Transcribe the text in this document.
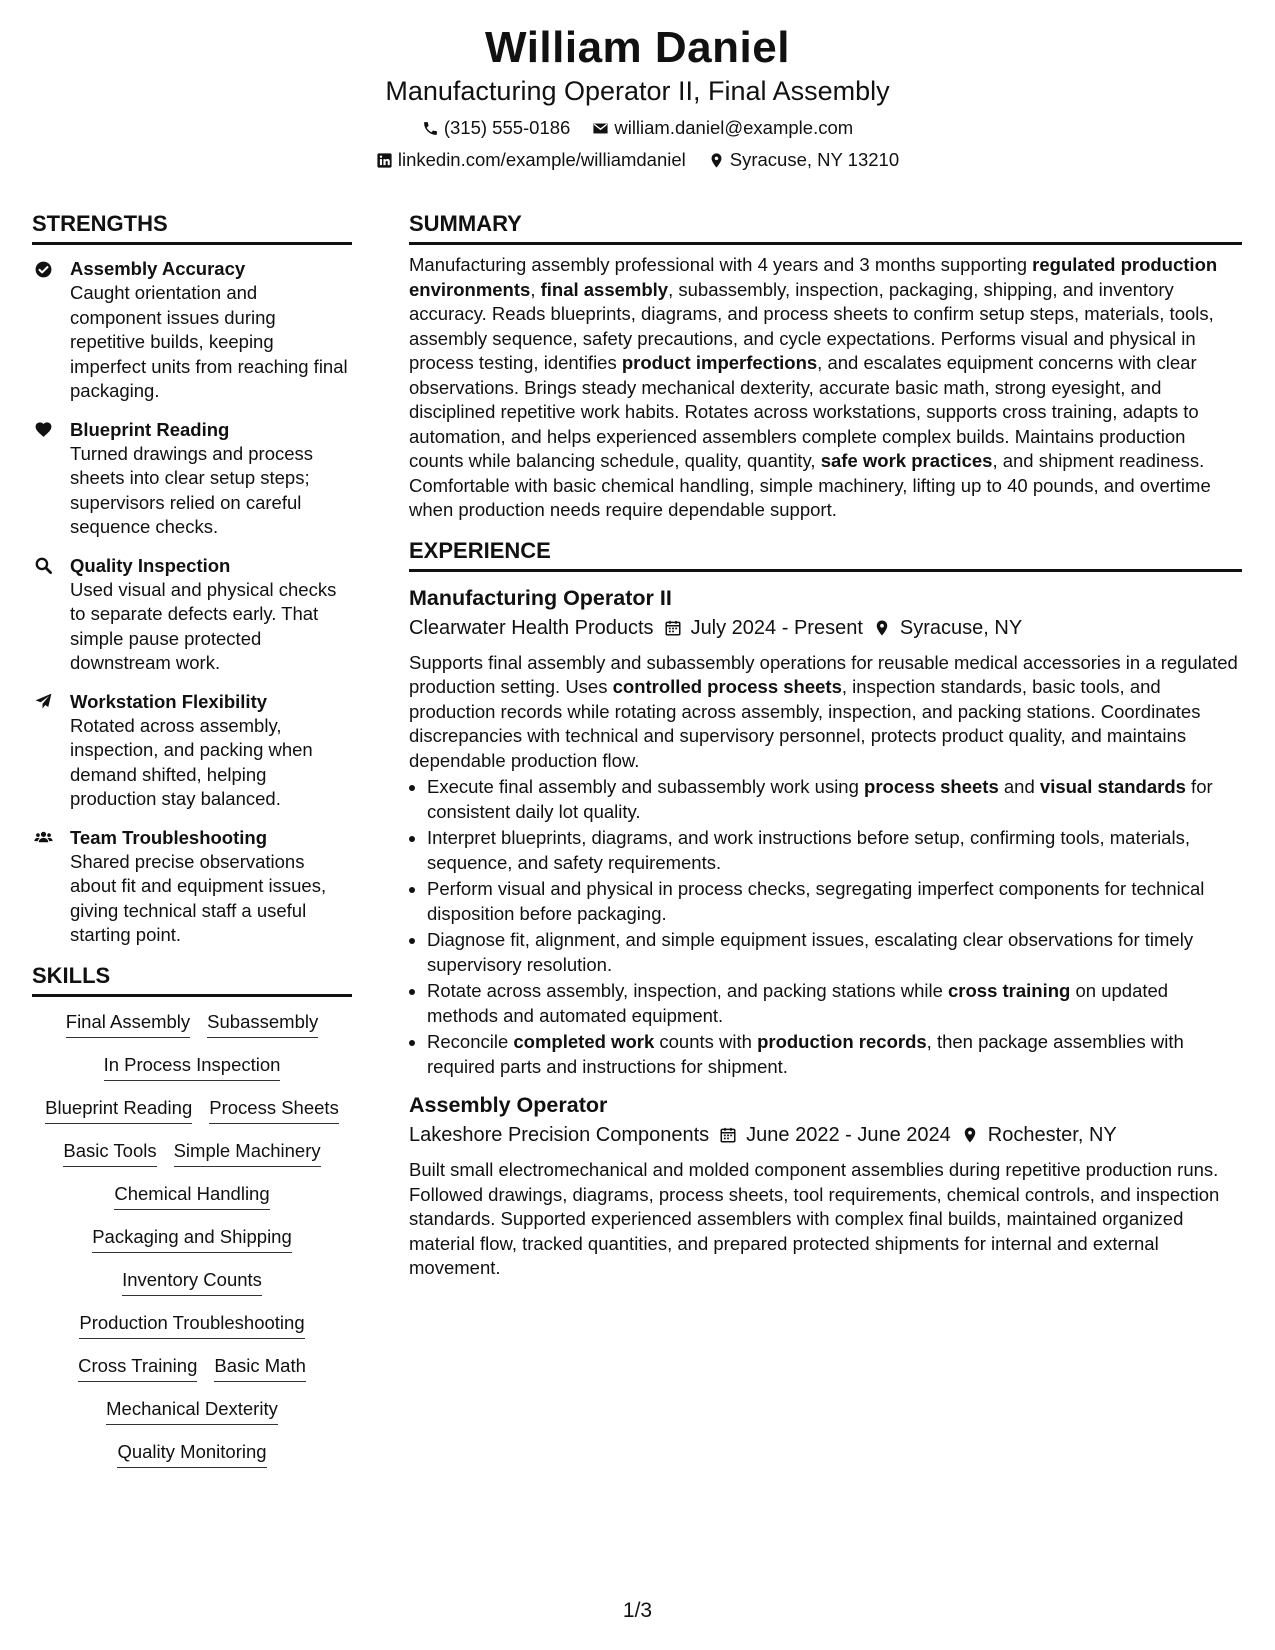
William Daniel
Manufacturing Operator II, Final Assembly
(315) 555-0186 william.daniel@example.com
linkedin.com/example/williamdaniel Syracuse, NY 13210
STRENGTHS
Assembly Accuracy
Caught orientation and component issues during repetitive builds, keeping imperfect units from reaching final packaging.
Blueprint Reading
Turned drawings and process sheets into clear setup steps; supervisors relied on careful sequence checks.
Quality Inspection
Used visual and physical checks to separate defects early. That simple pause protected downstream work.
Workstation Flexibility
Rotated across assembly, inspection, and packing when demand shifted, helping production stay balanced.
Team Troubleshooting
Shared precise observations about fit and equipment issues, giving technical staff a useful starting point.
SKILLS
Final Assembly Subassembly
In Process Inspection
Blueprint Reading Process Sheets
Basic Tools Simple Machinery
Chemical Handling
Packaging and Shipping
Inventory Counts
Production Troubleshooting
Cross Training Basic Math
Mechanical Dexterity
Quality Monitoring
SUMMARY
Manufacturing assembly professional with 4 years and 3 months supporting regulated production environments, final assembly, subassembly, inspection, packaging, shipping, and inventory accuracy. Reads blueprints, diagrams, and process sheets to confirm setup steps, materials, tools, assembly sequence, safety precautions, and cycle expectations. Performs visual and physical in process testing, identifies product imperfections, and escalates equipment concerns with clear observations. Brings steady mechanical dexterity, accurate basic math, strong eyesight, and disciplined repetitive work habits. Rotates across workstations, supports cross training, adapts to automation, and helps experienced assemblers complete complex builds. Maintains production counts while balancing schedule, quality, quantity, safe work practices, and shipment readiness. Comfortable with basic chemical handling, simple machinery, lifting up to 40 pounds, and overtime when production needs require dependable support.
EXPERIENCE
Manufacturing Operator II
Clearwater Health Products July 2024 - Present Syracuse, NY
Supports final assembly and subassembly operations for reusable medical accessories in a regulated production setting. Uses controlled process sheets, inspection standards, basic tools, and production records while rotating across assembly, inspection, and packing stations. Coordinates discrepancies with technical and supervisory personnel, protects product quality, and maintains dependable production flow.
• Execute final assembly and subassembly work using process sheets and visual standards for consistent daily lot quality.
• Interpret blueprints, diagrams, and work instructions before setup, confirming tools, materials, sequence, and safety requirements.
• Perform visual and physical in process checks, segregating imperfect components for technical disposition before packaging.
• Diagnose fit, alignment, and simple equipment issues, escalating clear observations for timely supervisory resolution.
• Rotate across assembly, inspection, and packing stations while cross training on updated methods and automated equipment.
• Reconcile completed work counts with production records, then package assemblies with required parts and instructions for shipment.
Assembly Operator
Lakeshore Precision Components June 2022 - June 2024 Rochester, NY
Built small electromechanical and molded component assemblies during repetitive production runs. Followed drawings, diagrams, process sheets, tool requirements, chemical controls, and inspection standards. Supported experienced assemblers with complex final builds, maintained organized material flow, tracked quantities, and prepared protected shipments for internal and external movement.
1/3
